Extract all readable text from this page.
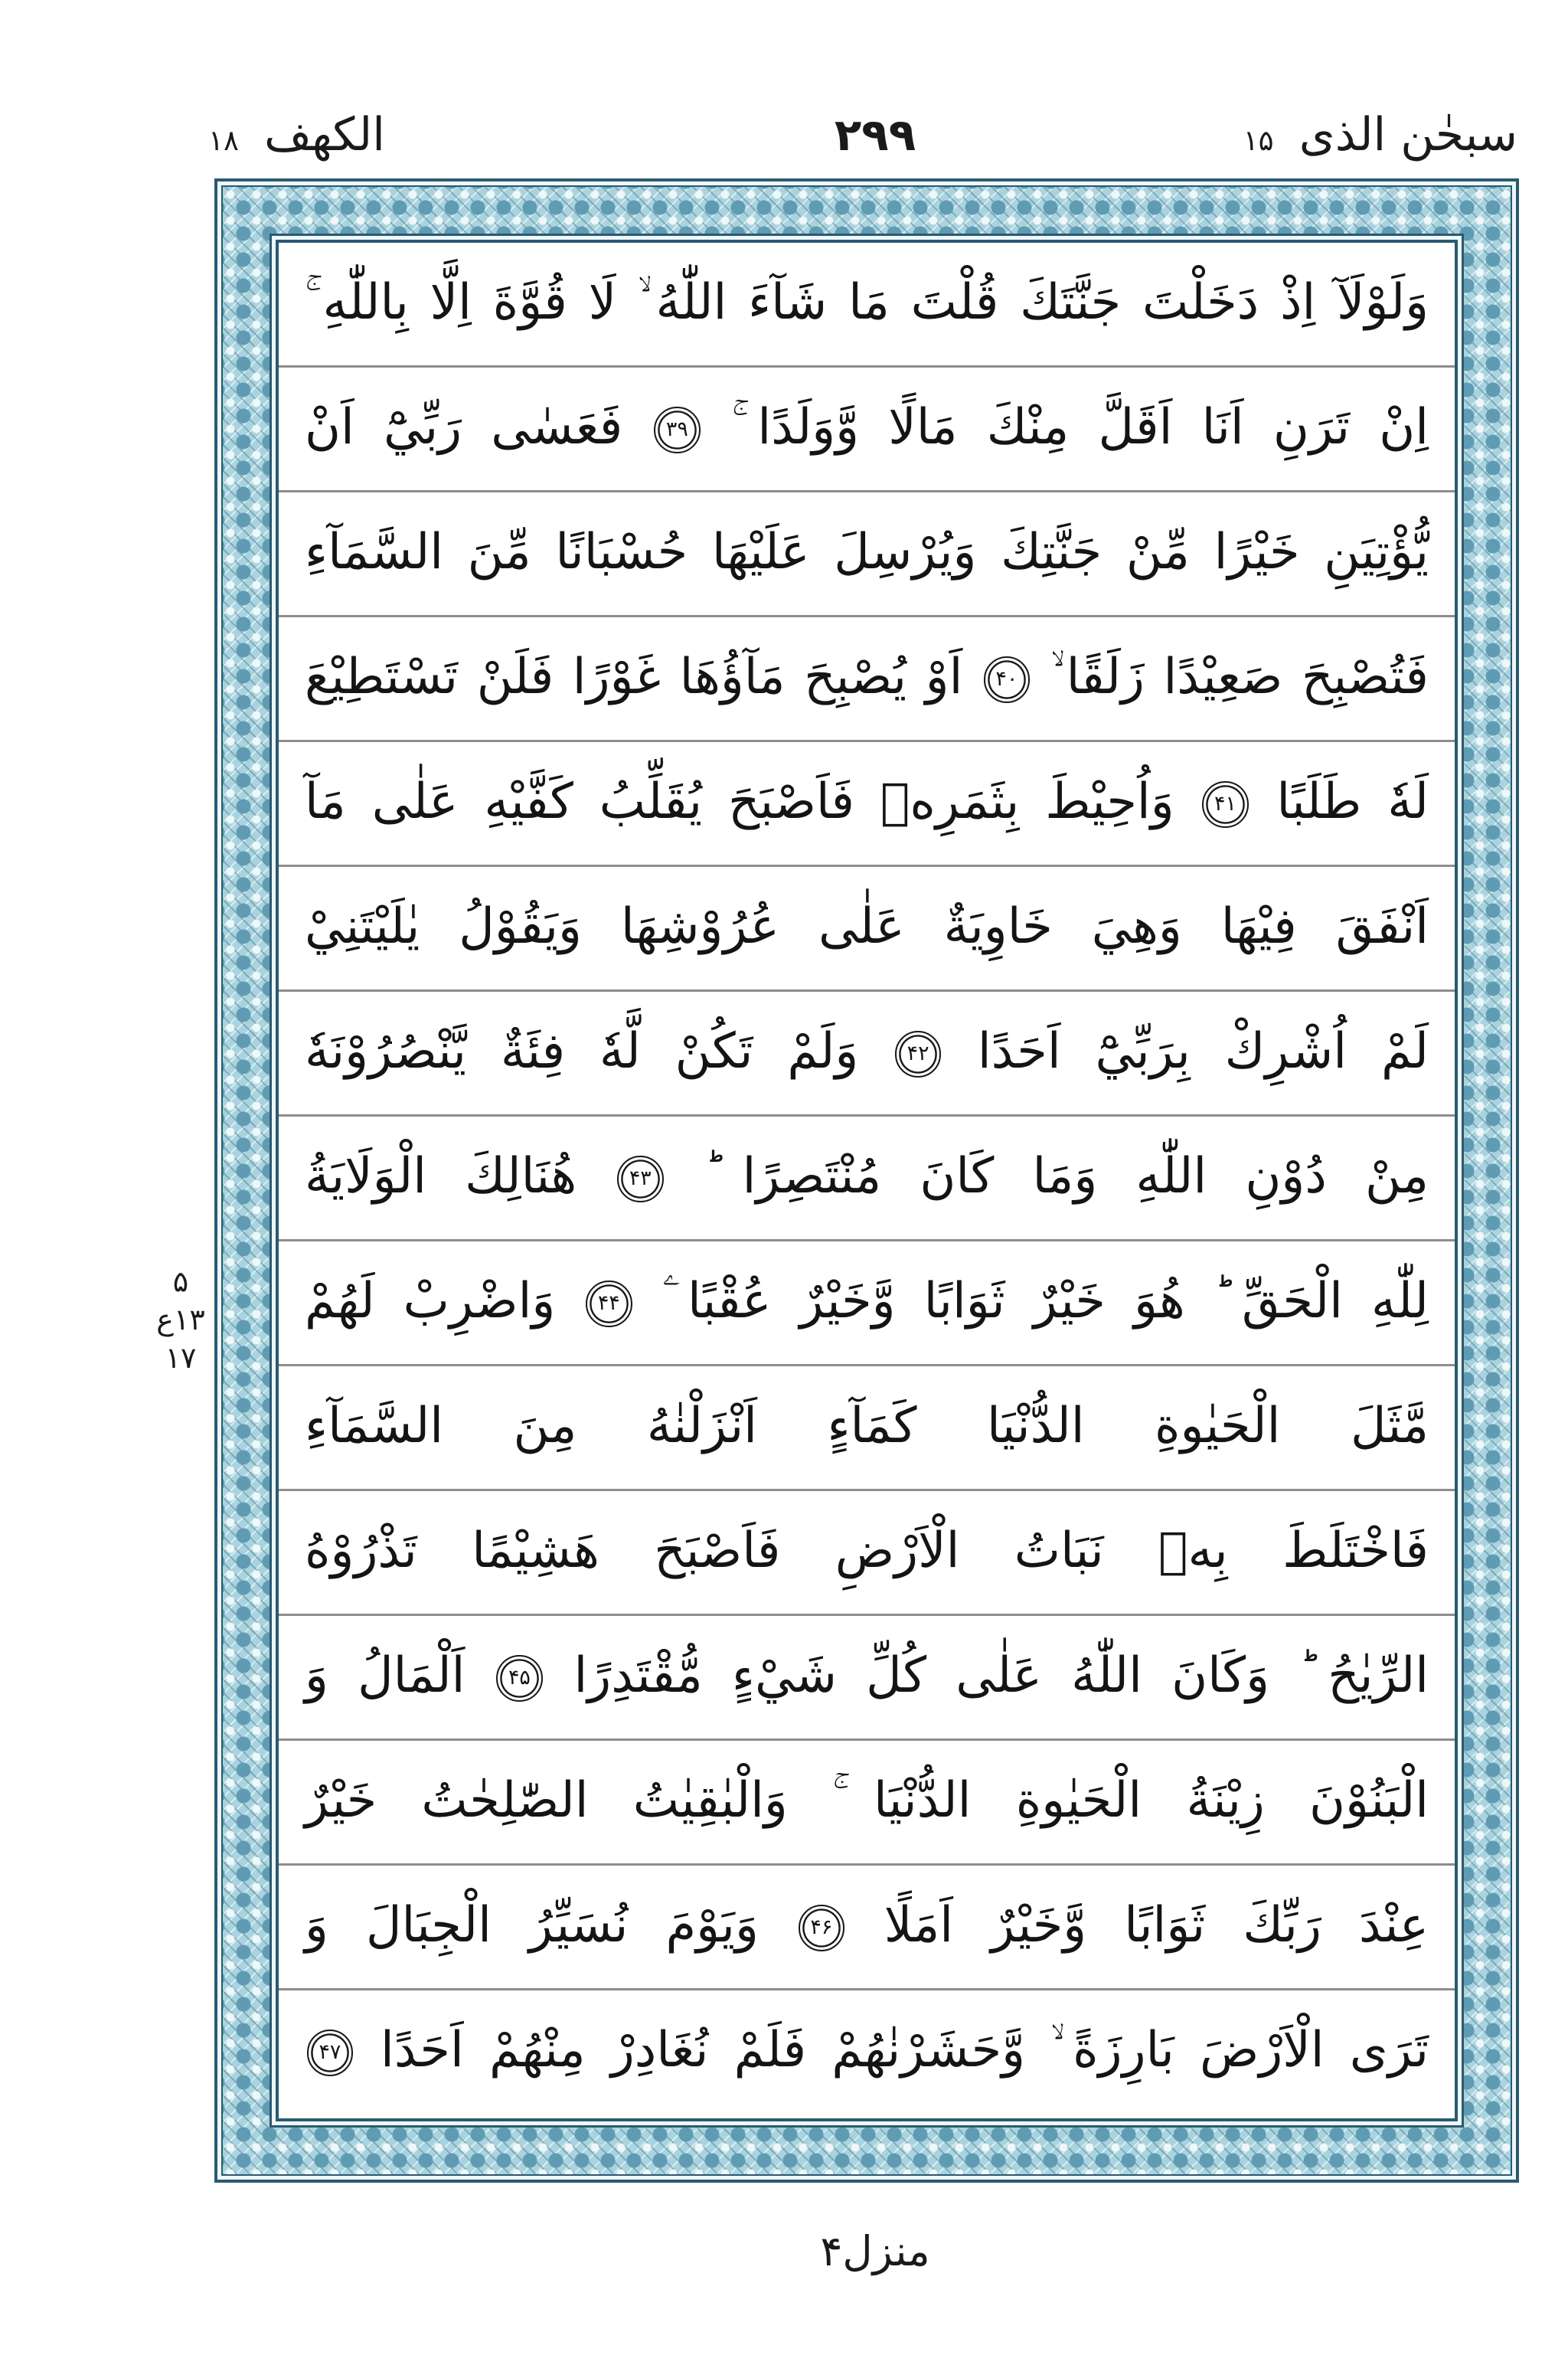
الكهف ۱۸	۲۹۹	سبحٰن الذی ۱۵
وَلَوْلَآ اِذْ دَخَلْتَ جَنَّتَكَ قُلْتَ مَا شَآءَ اللّٰهُ ۙ لَا قُوَّةَ اِلَّا بِاللّٰهِ ۚ
اِنْ تَرَنِ اَنَا اَقَلَّ مِنْكَ مَالًا وَّوَلَدًا ۚ ۳۹ فَعَسٰى رَبِّيْٓ اَنْ
يُّؤْتِيَنِ خَيْرًا مِّنْ جَنَّتِكَ وَيُرْسِلَ عَلَيْهَا حُسْبَانًا مِّنَ السَّمَآءِ
فَتُصْبِحَ صَعِيْدًا زَلَقًا ۙ ۴۰ اَوْ يُصْبِحَ مَآؤُهَا غَوْرًا فَلَنْ تَسْتَطِيْعَ
لَهٗ طَلَبًا ۴۱ وَاُحِيْطَ بِثَمَرِهٖ فَاَصْبَحَ يُقَلِّبُ كَفَّيْهِ عَلٰى مَآ
اَنْفَقَ فِيْهَا وَهِيَ خَاوِيَةٌ عَلٰى عُرُوْشِهَا وَيَقُوْلُ يٰلَيْتَنِيْ
لَمْ اُشْرِكْ بِرَبِّيْٓ اَحَدًا ۴۲ وَلَمْ تَكُنْ لَّهٗ فِئَةٌ يَّنْصُرُوْنَهٗ
مِنْ دُوْنِ اللّٰهِ وَمَا كَانَ مُنْتَصِرًا ؕ ۴۳ هُنَالِكَ الْوَلَايَةُ
لِلّٰهِ الْحَقِّ ؕ هُوَ خَيْرٌ ثَوَابًا وَّخَيْرٌ عُقْبًا ۧ ۴۴ وَاضْرِبْ لَهُمْ
مَّثَلَ الْحَيٰوةِ الدُّنْيَا كَمَآءٍ اَنْزَلْنٰهُ مِنَ السَّمَآءِ
فَاخْتَلَطَ بِهٖ نَبَاتُ الْاَرْضِ فَاَصْبَحَ هَشِيْمًا تَذْرُوْهُ
الرِّيٰحُ ؕ وَكَانَ اللّٰهُ عَلٰى كُلِّ شَيْءٍ مُّقْتَدِرًا ۴۵ اَلْمَالُ وَ
الْبَنُوْنَ زِيْنَةُ الْحَيٰوةِ الدُّنْيَا ۚ وَالْبٰقِيٰتُ الصّٰلِحٰتُ خَيْرٌ
عِنْدَ رَبِّكَ ثَوَابًا وَّخَيْرٌ اَمَلًا ۴۶ وَيَوْمَ نُسَيِّرُ الْجِبَالَ وَ
تَرَى الْاَرْضَ بَارِزَةً ۙ وَّحَشَرْنٰهُمْ فَلَمْ نُغَادِرْ مِنْهُمْ اَحَدًا ۴۷
۵
۱۳ع
۱۷
منزل۴
